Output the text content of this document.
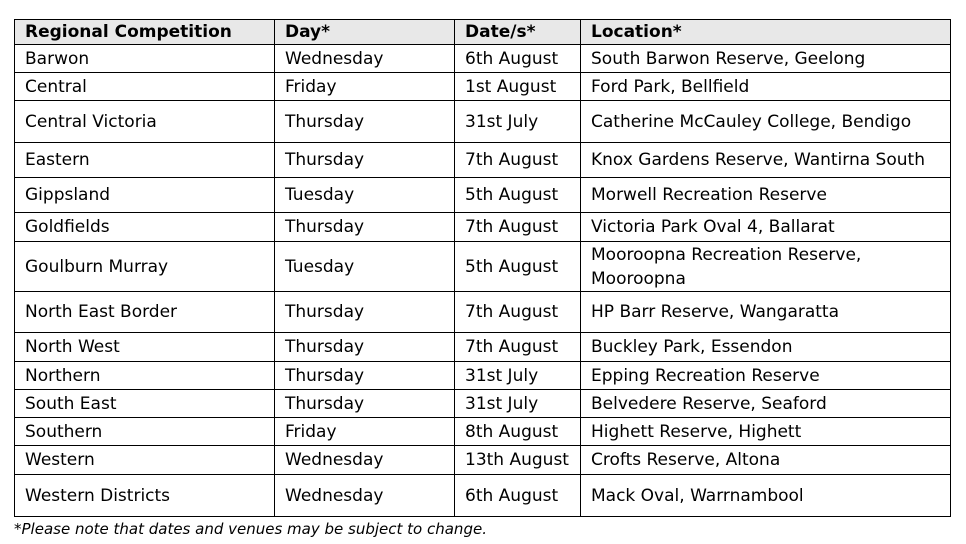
Regional Competition	Day*	Date/s*	Location*
Barwon	Wednesday	6th August	South Barwon Reserve, Geelong
Central	Friday	1st August	Ford Park, Bellfield
Central Victoria	Thursday	31st July	Catherine McCauley College, Bendigo
Eastern	Thursday	7th August	Knox Gardens Reserve, Wantirna South
Gippsland	Tuesday	5th August	Morwell Recreation Reserve
Goldfields	Thursday	7th August	Victoria Park Oval 4, Ballarat
Goulburn Murray	Tuesday	5th August	Mooroopna Recreation Reserve, Mooroopna
North East Border	Thursday	7th August	HP Barr Reserve, Wangaratta
North West	Thursday	7th August	Buckley Park, Essendon
Northern	Thursday	31st July	Epping Recreation Reserve
South East	Thursday	31st July	Belvedere Reserve, Seaford
Southern	Friday	8th August	Highett Reserve, Highett
Western	Wednesday	13th August	Crofts Reserve, Altona
Western Districts	Wednesday	6th August	Mack Oval, Warrnambool
*Please note that dates and venues may be subject to change.
